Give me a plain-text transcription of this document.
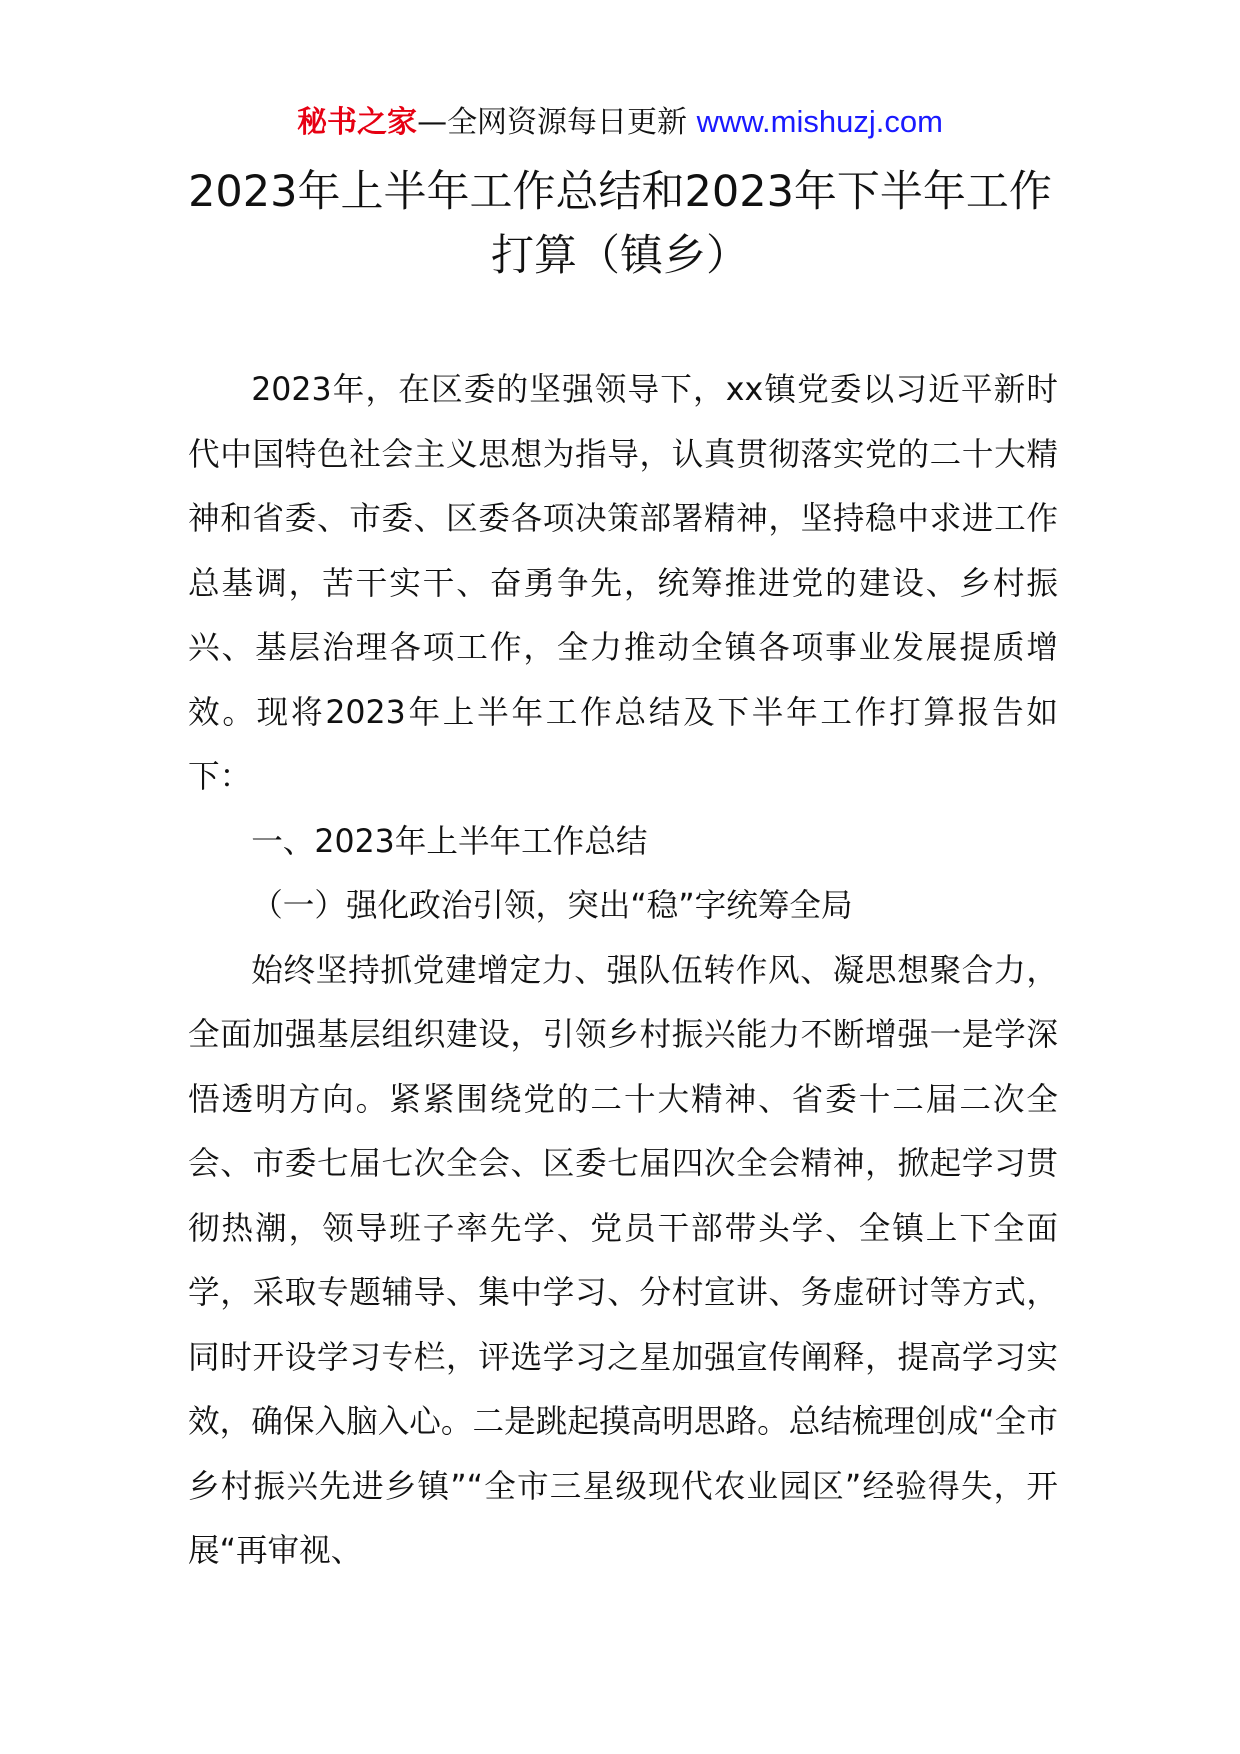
秘书之家—全网资源每日更新 www.mishuzj.com
2023年上半年工作总结和2023年下半年工作打算（镇乡）

2023年，在区委的坚强领导下，xx镇党委以习近平新时代中国特色社会主义思想为指导，认真贯彻落实党的二十大精神和省委、市委、区委各项决策部署精神，坚持稳中求进工作总基调，苦干实干、奋勇争先，统筹推进党的建设、乡村振兴、基层治理各项工作，全力推动全镇各项事业发展提质增效。现将2023年上半年工作总结及下半年工作打算报告如下：

一、2023年上半年工作总结

（一）强化政治引领，突出“稳”字统筹全局

始终坚持抓党建增定力、强队伍转作风、凝思想聚合力，全面加强基层组织建设，引领乡村振兴能力不断增强一是学深悟透明方向。紧紧围绕党的二十大精神、省委十二届二次全会、市委七届七次全会、区委七届四次全会精神，掀起学习贯彻热潮，领导班子率先学、党员干部带头学、全镇上下全面学，采取专题辅导、集中学习、分村宣讲、务虚研讨等方式，同时开设学习专栏，评选学习之星加强宣传阐释，提高学习实效，确保入脑入心。二是跳起摸高明思路。总结梳理创成“全市乡村振兴先进乡镇”“全市三星级现代农业园区”经验得失，开展“再审视、
